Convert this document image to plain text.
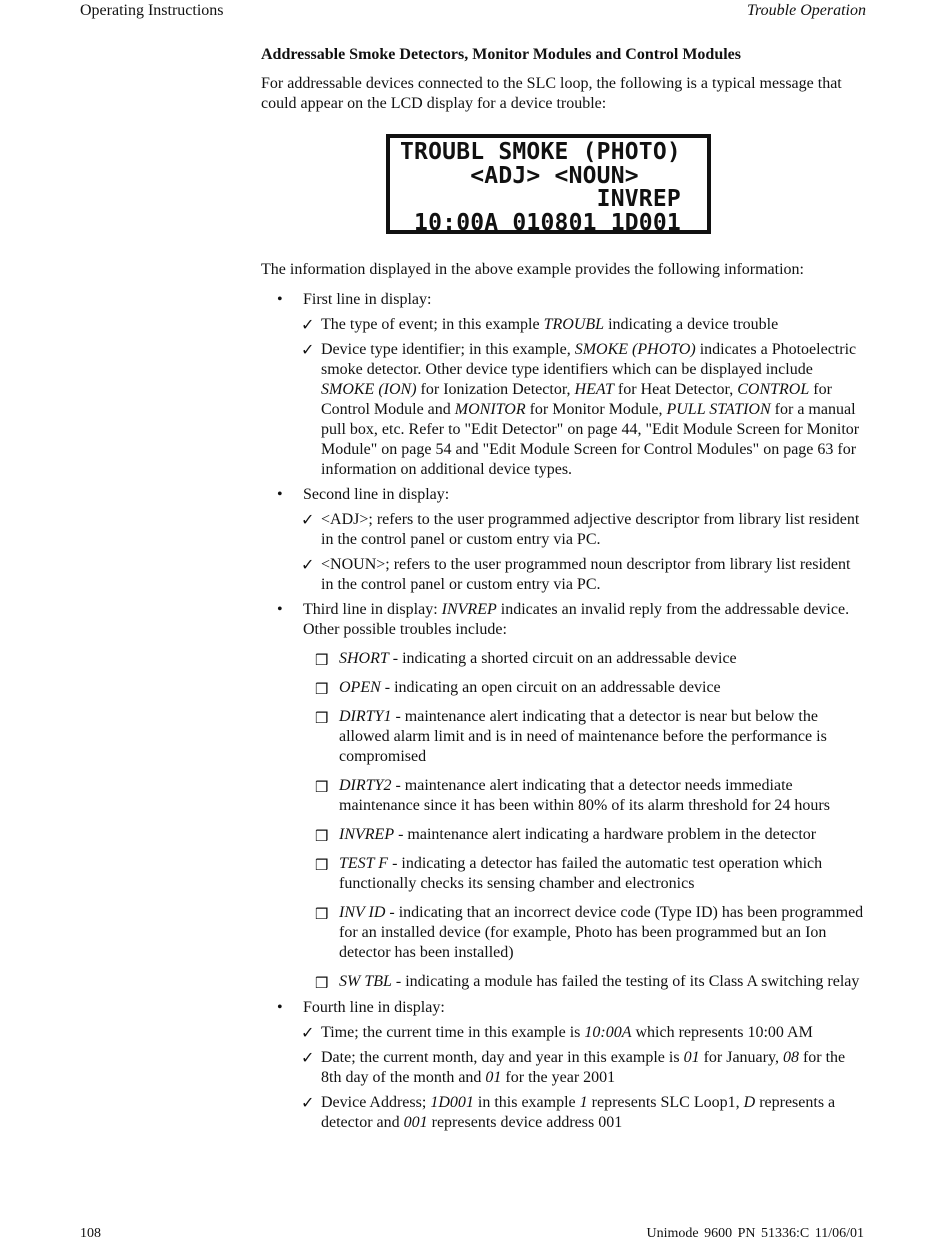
Operating Instructions	Trouble Operation

Addressable Smoke Detectors, Monitor Modules and Control Modules

For addressable devices connected to the SLC loop, the following is a typical message that could appear on the LCD display for a device trouble:

TROUBL SMOKE (PHOTO)
<ADJ> <NOUN>
INVREP
10:00A 010801 1D001

The information displayed in the above example provides the following information:

• First line in display:
✓ The type of event; in this example TROUBL indicating a device trouble
✓ Device type identifier; in this example, SMOKE (PHOTO) indicates a Photoelectric smoke detector. Other device type identifiers which can be displayed include SMOKE (ION) for Ionization Detector, HEAT for Heat Detector, CONTROL for Control Module and MONITOR for Monitor Module, PULL STATION for a manual pull box, etc. Refer to "Edit Detector" on page 44, "Edit Module Screen for Monitor Module" on page 54 and "Edit Module Screen for Control Modules" on page 63 for information on additional device types.
• Second line in display:
✓ <ADJ>; refers to the user programmed adjective descriptor from library list resident in the control panel or custom entry via PC.
✓ <NOUN>; refers to the user programmed noun descriptor from library list resident in the control panel or custom entry via PC.
• Third line in display: INVREP indicates an invalid reply from the addressable device. Other possible troubles include:
❒ SHORT - indicating a shorted circuit on an addressable device
❒ OPEN - indicating an open circuit on an addressable device
❒ DIRTY1 - maintenance alert indicating that a detector is near but below the allowed alarm limit and is in need of maintenance before the performance is compromised
❒ DIRTY2 - maintenance alert indicating that a detector needs immediate maintenance since it has been within 80% of its alarm threshold for 24 hours
❒ INVREP - maintenance alert indicating a hardware problem in the detector
❒ TEST F - indicating a detector has failed the automatic test operation which functionally checks its sensing chamber and electronics
❒ INV ID - indicating that an incorrect device code (Type ID) has been programmed for an installed device (for example, Photo has been programmed but an Ion detector has been installed)
❒ SW TBL - indicating a module has failed the testing of its Class A switching relay
• Fourth line in display:
✓ Time; the current time in this example is 10:00A which represents 10:00 AM
✓ Date; the current month, day and year in this example is 01 for January, 08 for the 8th day of the month and 01 for the year 2001
✓ Device Address; 1D001 in this example 1 represents SLC Loop1, D represents a detector and 001 represents device address 001
108	Unimode 9600 PN 51336:C 11/06/01
